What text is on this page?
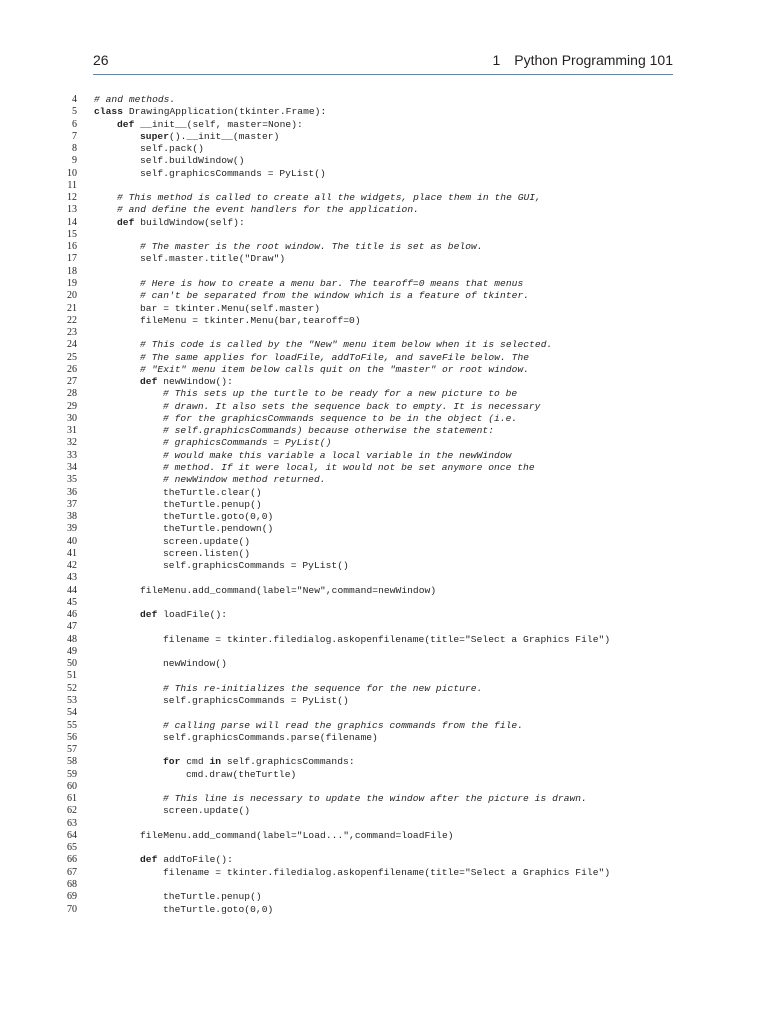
26	1 Python Programming 101
4 # and methods.
5 class DrawingApplication(tkinter.Frame):
6	def __init__(self, master=None):
7	super().__init__(master)
8	self.pack()
9	self.buildWindow()
10	self.graphicsCommands = PyList()
11
12	# This method is called to create all the widgets, place them in the GUI,
13	# and define the event handlers for the application.
14	def buildWindow(self):
15
16	# The master is the root window. The title is set as below.
17	self.master.title("Draw")
18
19	# Here is how to create a menu bar. The tearoff=0 means that menus
20	# can't be separated from the window which is a feature of tkinter.
21	bar = tkinter.Menu(self.master)
22	fileMenu = tkinter.Menu(bar,tearoff=0)
23
24	# This code is called by the "New" menu item below when it is selected.
25	# The same applies for loadFile, addToFile, and saveFile below. The
26	# "Exit" menu item below calls quit on the "master" or root window.
27	def newWindow():
28	# This sets up the turtle to be ready for a new picture to be
29	# drawn. It also sets the sequence back to empty. It is necessary
30	# for the graphicsCommands sequence to be in the object (i.e.
31	# self.graphicsCommands) because otherwise the statement:
32	# graphicsCommands = PyList()
33	# would make this variable a local variable in the newWindow
34	# method. If it were local, it would not be set anymore once the
35	# newWindow method returned.
36	theTurtle.clear()
37	theTurtle.penup()
38	theTurtle.goto(0,0)
39	theTurtle.pendown()
40	screen.update()
41	screen.listen()
42	self.graphicsCommands = PyList()
43
44	fileMenu.add_command(label="New",command=newWindow)
45
46	def loadFile():
47
48	filename = tkinter.filedialog.askopenfilename(title="Select a Graphics File")
49
50	newWindow()
51
52	# This re-initializes the sequence for the new picture.
53	self.graphicsCommands = PyList()
54
55	# calling parse will read the graphics commands from the file.
56	self.graphicsCommands.parse(filename)
57
58	for cmd in self.graphicsCommands:
59	cmd.draw(theTurtle)
60
61	# This line is necessary to update the window after the picture is drawn.
62	screen.update()
63
64	fileMenu.add_command(label="Load...",command=loadFile)
65
66	def addToFile():
67	filename = tkinter.filedialog.askopenfilename(title="Select a Graphics File")
68
69	theTurtle.penup()
70	theTurtle.goto(0,0)
